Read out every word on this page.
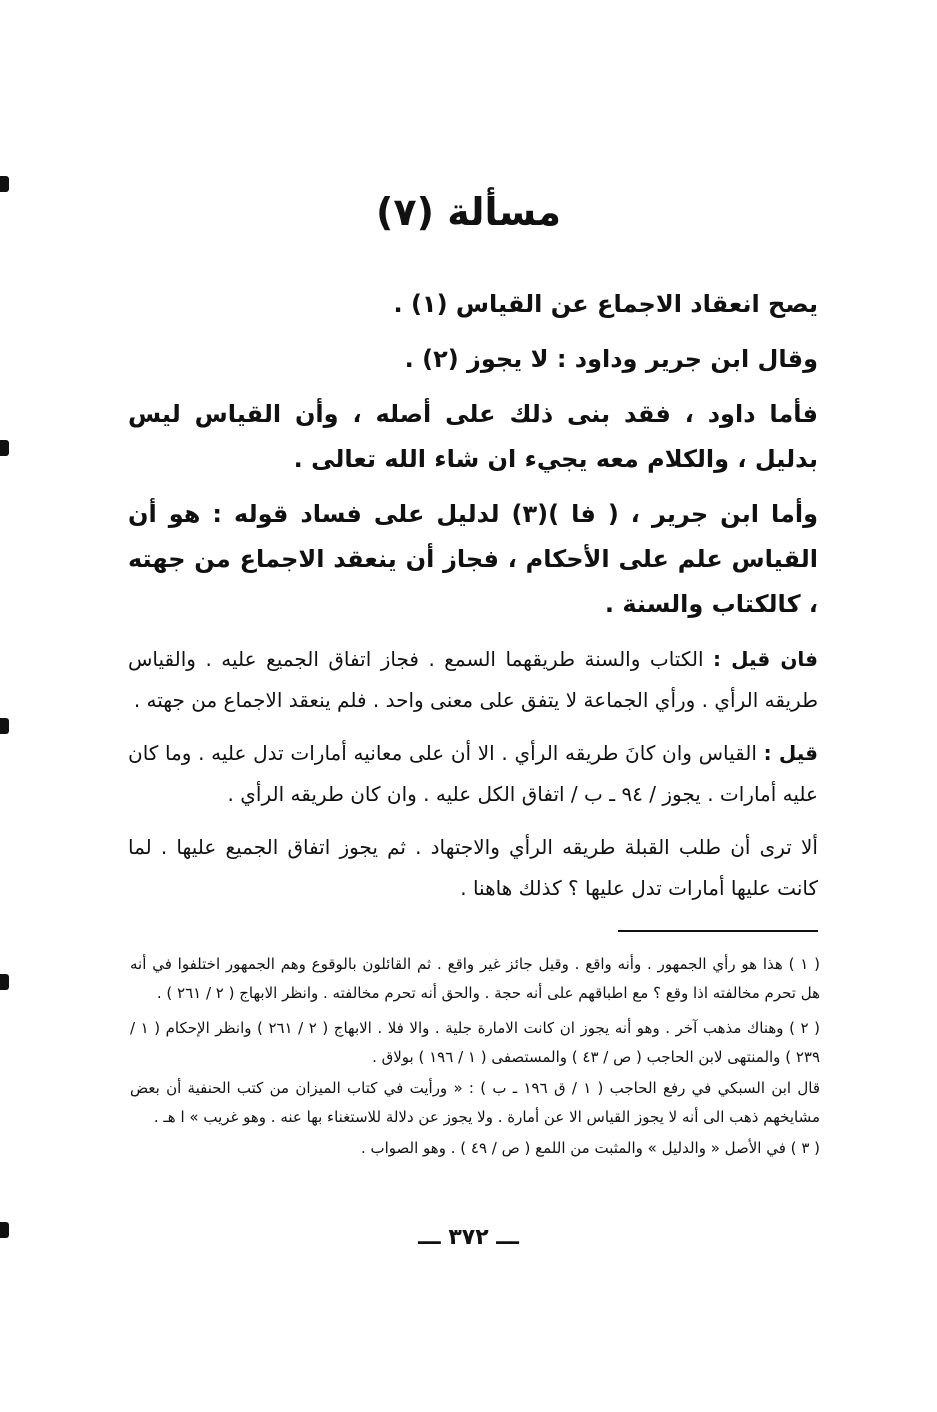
مسألة (٧)

يصح انعقاد الاجماع عن القياس (١) .

وقال ابن جرير وداود : لا يجوز (٢) .

فأما داود ، فقد بنى ذلك على أصله ، وأن القياس ليس بدليل ، والكلام معه يجيء ان شاء الله تعالى .

وأما ابن جرير ، ( فا )(٣) لدليل على فساد قوله : هو أن القياس علم على الأحكام ، فجاز أن ينعقد الاجماع من جهته ، كالكتاب والسنة .

فان قيل : الكتاب والسنة طريقهما السمع . فجاز اتفاق الجميع عليه . والقياس طريقه الرأي . ورأي الجماعة لا يتفق على معنى واحد . فلم ينعقد الاجماع من جهته .

قيل : القياس وان كانَ طريقه الرأي . الا أن على معانيه أمارات تدل عليه . وما كان عليه أمارات . يجوز / ٩٤ ـ ب / اتفاق الكل عليه . وان كان طريقه الرأي .

ألا ترى أن طلب القبلة طريقه الرأي والاجتهاد . ثم يجوز اتفاق الجميع عليها . لما كانت عليها أمارات تدل عليها ؟ كذلك هاهنا .

( ١ ) هذا هو رأي الجمهور . وأنه واقع . وقيل جائز غير واقع . ثم القائلون بالوقوع وهم الجمهور اختلفوا في أنه هل تحرم مخالفته اذا وقع ؟ مع اطباقهم على أنه حجة . والحق أنه تحرم مخالفته . وانظر الابهاج ( ٢ / ٢٦١ ) .

( ٢ ) وهناك مذهب آخر . وهو أنه يجوز ان كانت الامارة جلية . والا فلا . الابهاج ( ٢ / ٢٦١ ) وانظر الإحكام ( ١ / ٢٣٩ ) والمنتهى لابن الحاجب ( ص / ٤٣ ) والمستصفى ( ١ / ١٩٦ ) بولاق .

قال ابن السبكي في رفع الحاجب ( ١ / ق ١٩٦ ـ ب ) : « ورأيت في كتاب الميزان من كتب الحنفية أن بعض مشايخهم ذهب الى أنه لا يجوز القياس الا عن أمارة . ولا يجوز عن دلالة للاستغناء بها عنه . وهو غريب » ا هـ .

( ٣ ) في الأصل « والدليل » والمثبت من اللمع ( ص / ٤٩ ) . وهو الصواب .

ـــ ٣٧٢ ـــ
